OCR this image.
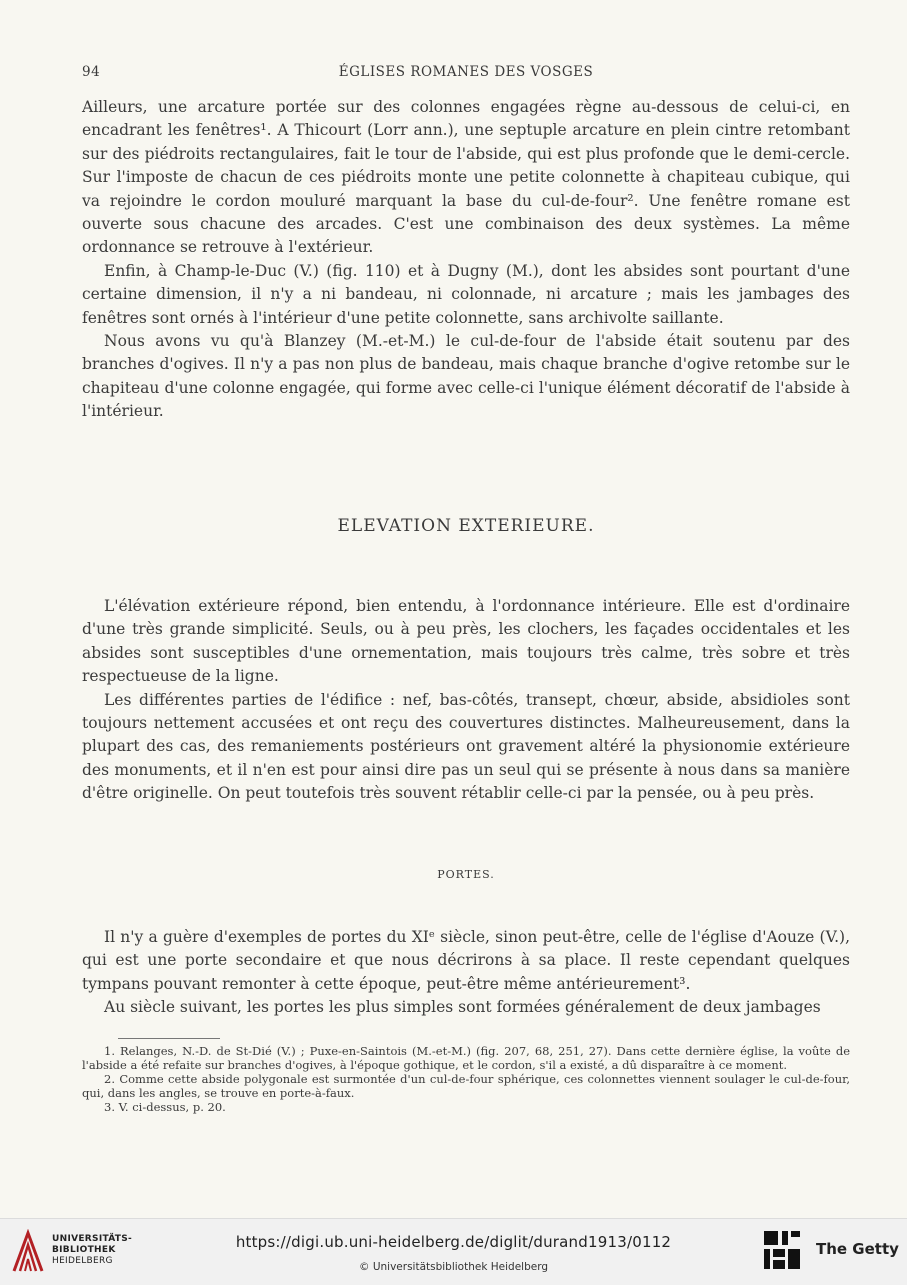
94	ÉGLISES ROMANES DES VOSGES

Ailleurs, une arcature portée sur des colonnes engagées règne au-dessous de celui-ci, en encadrant les fenêtres¹. A Thicourt (Lorr ann.), une septuple arcature en plein cintre retombant sur des piédroits rectangulaires, fait le tour de l'abside, qui est plus profonde que le demi-cercle. Sur l'imposte de chacun de ces piédroits monte une petite colonnette à chapiteau cubique, qui va rejoindre le cordon mouluré marquant la base du cul-de-four². Une fenêtre romane est ouverte sous chacune des arcades. C'est une combinaison des deux systèmes. La même ordonnance se retrouve à l'extérieur.

Enfin, à Champ-le-Duc (V.) (fig. 110) et à Dugny (M.), dont les absides sont pourtant d'une certaine dimension, il n'y a ni bandeau, ni colonnade, ni arcature ; mais les jambages des fenêtres sont ornés à l'intérieur d'une petite colonnette, sans archivolte saillante.

Nous avons vu qu'à Blanzey (M.-et-M.) le cul-de-four de l'abside était soutenu par des branches d'ogives. Il n'y a pas non plus de bandeau, mais chaque branche d'ogive retombe sur le chapiteau d'une colonne engagée, qui forme avec celle-ci l'unique élément décoratif de l'abside à l'intérieur.

ELEVATION EXTERIEURE.

L'élévation extérieure répond, bien entendu, à l'ordonnance intérieure. Elle est d'ordinaire d'une très grande simplicité. Seuls, ou à peu près, les clochers, les façades occidentales et les absides sont susceptibles d'une ornementation, mais toujours très calme, très sobre et très respectueuse de la ligne.

Les différentes parties de l'édifice : nef, bas-côtés, transept, chœur, abside, absidioles sont toujours nettement accusées et ont reçu des couvertures distinctes. Malheureusement, dans la plupart des cas, des remaniements postérieurs ont gravement altéré la physionomie extérieure des monuments, et il n'en est pour ainsi dire pas un seul qui se présente à nous dans sa manière d'être originelle. On peut toutefois très souvent rétablir celle-ci par la pensée, ou à peu près.

PORTES.

Il n'y a guère d'exemples de portes du XIᵉ siècle, sinon peut-être, celle de l'église d'Aouze (V.), qui est une porte secondaire et que nous décrirons à sa place. Il reste cependant quelques tympans pouvant remonter à cette époque, peut-être même antérieurement³.

Au siècle suivant, les portes les plus simples sont formées généralement de deux jambages

1. Relanges, N.-D. de St-Dié (V.) ; Puxe-en-Saintois (M.-et-M.) (fig. 207, 68, 251, 27). Dans cette dernière église, la voûte de l'abside a été refaite sur branches d'ogives, à l'époque gothique, et le cordon, s'il a existé, a dû disparaître à ce moment.

2. Comme cette abside polygonale est surmontée d'un cul-de-four sphérique, ces colonnettes viennent soulager le cul-de-four, qui, dans les angles, se trouve en porte-à-faux.

3. V. ci-dessus, p. 20.

UNIVERSITÄTS-
BIBLIOTHEK
HEIDELBERG
https://digi.ub.uni-heidelberg.de/diglit/durand1913/0112
© Universitätsbibliothek Heidelberg
The Getty
